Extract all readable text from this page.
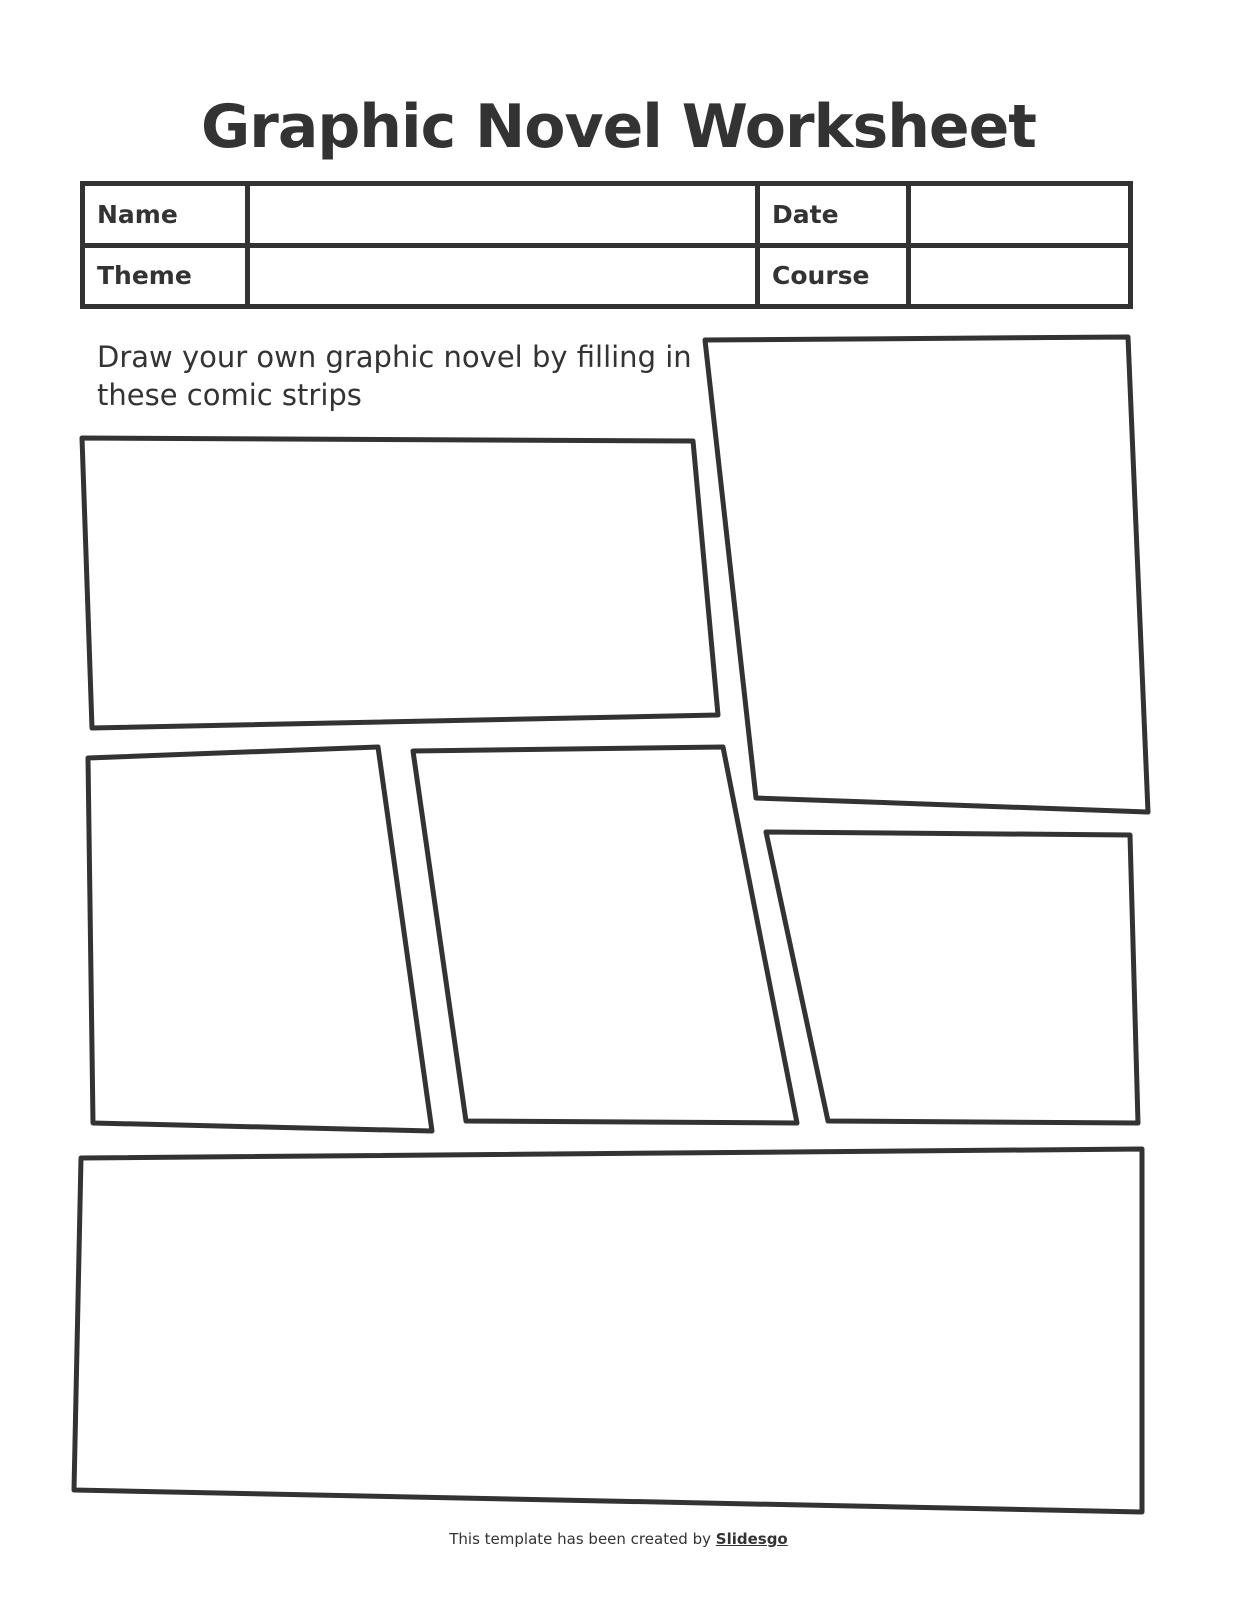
Graphic Novel Worksheet
Name		Date	
Theme		Course	
Draw your own graphic novel by filling in these comic strips
This template has been created by Slidesgo
